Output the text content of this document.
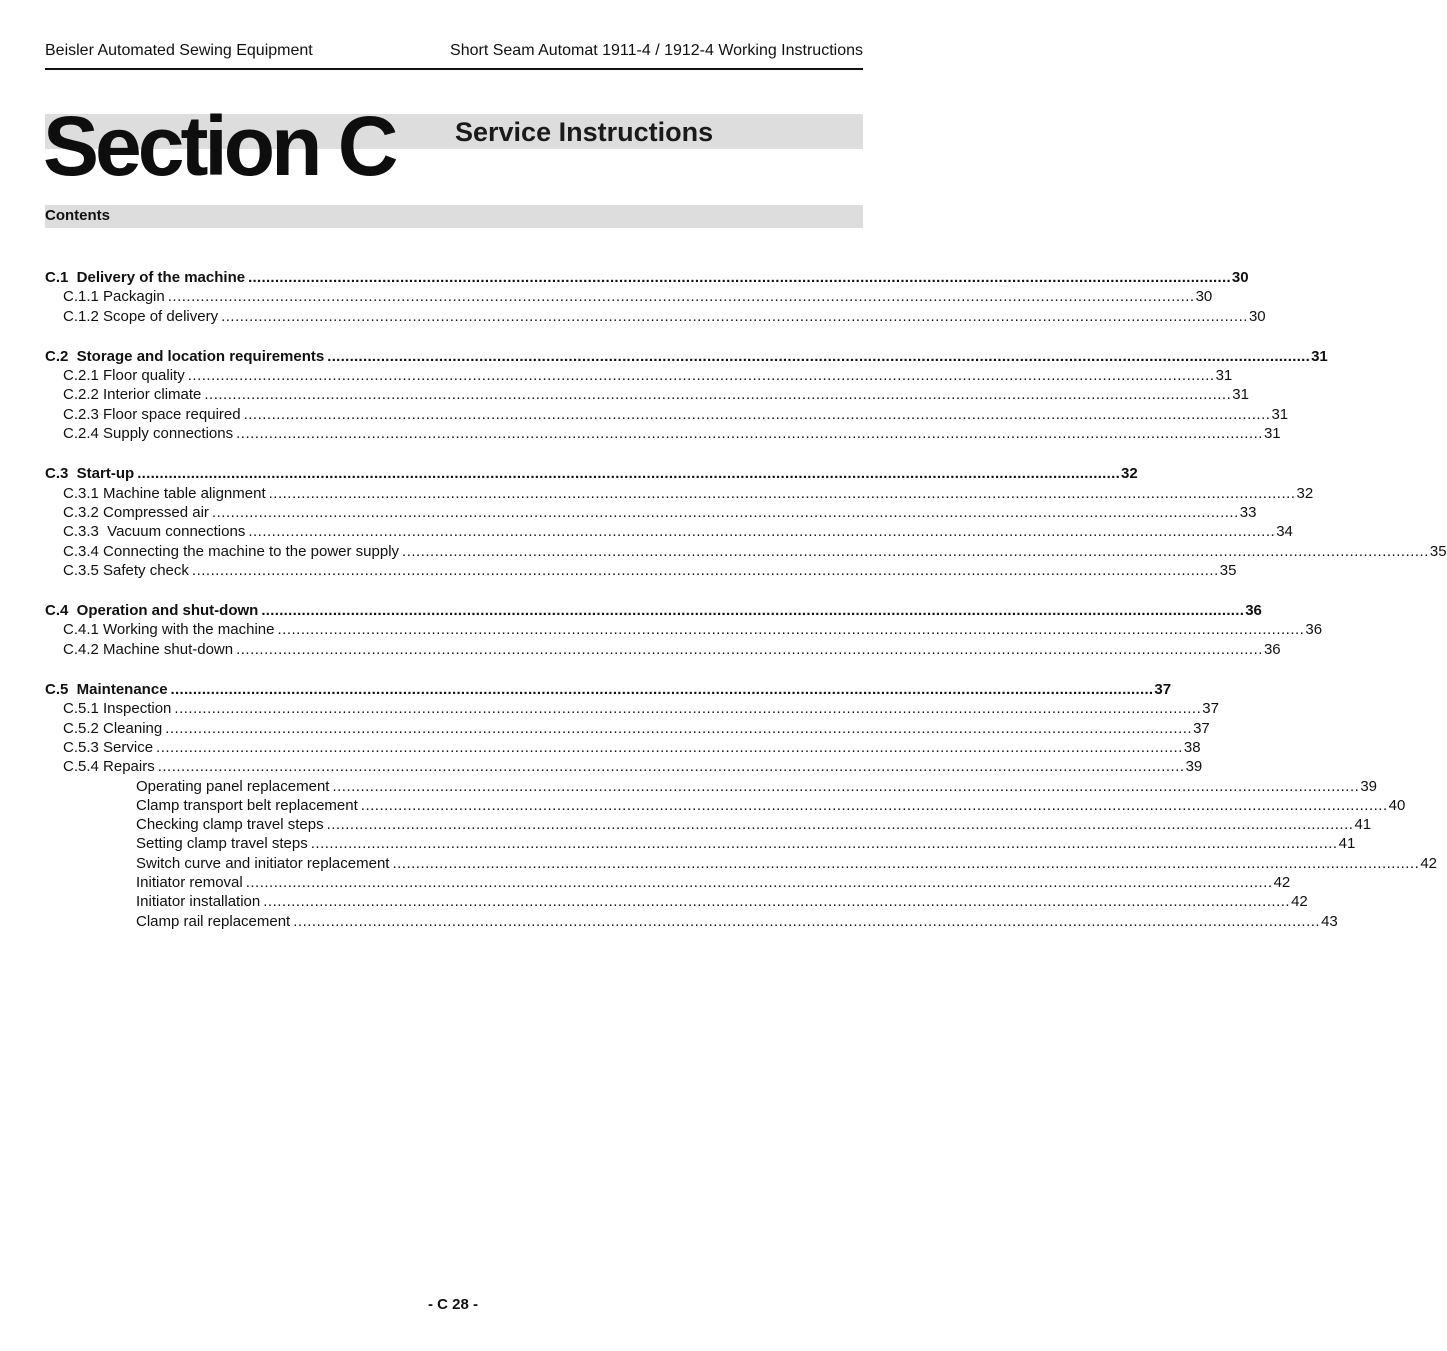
Beisler Automated Sewing Equipment	Short Seam Automat 1911-4 / 1912-4 Working Instructions
Section C Service Instructions
Contents
C.1  Delivery of the machine ............................................................................................................................................................................................................................ 30
C.1.1 Packagin ............................................................................................................................................................................................................................ 30
C.1.2 Scope of delivery ............................................................................................................................................................................................................................ 30
C.2  Storage and location requirements ............................................................................................................................................................................................................................ 31
C.2.1 Floor quality ............................................................................................................................................................................................................................ 31
C.2.2 Interior climate ............................................................................................................................................................................................................................ 31
C.2.3 Floor space required ............................................................................................................................................................................................................................ 31
C.2.4 Supply connections ............................................................................................................................................................................................................................ 31
C.3  Start-up ............................................................................................................................................................................................................................ 32
C.3.1 Machine table alignment ............................................................................................................................................................................................................................ 32
C.3.2 Compressed air ............................................................................................................................................................................................................................ 33
C.3.3  Vacuum connections ............................................................................................................................................................................................................................ 34
C.3.4 Connecting the machine to the power supply ............................................................................................................................................................................................................................ 35
C.3.5 Safety check ............................................................................................................................................................................................................................ 35
C.4  Operation and shut-down ............................................................................................................................................................................................................................ 36
C.4.1 Working with the machine ............................................................................................................................................................................................................................ 36
C.4.2 Machine shut-down ............................................................................................................................................................................................................................ 36
C.5  Maintenance ............................................................................................................................................................................................................................ 37
C.5.1 Inspection ............................................................................................................................................................................................................................ 37
C.5.2 Cleaning ............................................................................................................................................................................................................................ 37
C.5.3 Service ............................................................................................................................................................................................................................ 38
C.5.4 Repairs ............................................................................................................................................................................................................................ 39
Operating panel replacement ............................................................................................................................................................................................................................ 39
Clamp transport belt replacement ............................................................................................................................................................................................................................ 40
Checking clamp travel steps ............................................................................................................................................................................................................................ 41
Setting clamp travel steps ............................................................................................................................................................................................................................ 41
Switch curve and initiator replacement ............................................................................................................................................................................................................................ 42
Initiator removal ............................................................................................................................................................................................................................ 42
Initiator installation ............................................................................................................................................................................................................................ 42
Clamp rail replacement ............................................................................................................................................................................................................................ 43
- C 28 -
